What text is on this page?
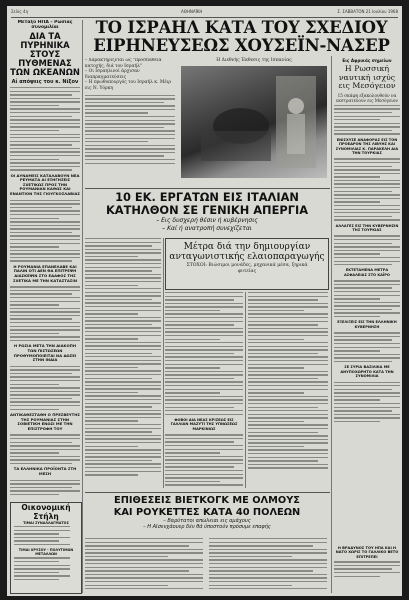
Σελίς 4η	ΑΘΗΝΑΪΚΗ	Σ. ΣΑΒΒΑΤΟΝ 21 Ιουλίου 1968
Μεταξύ ΗΠΑ – Ρωσίας συνομιλίαι
ΔΙΑ ΤΑ ΠΥΡΗΝΙΚΑ ΣΤΟΥΣ ΠΥΘΜΕΝΑΣ ΤΩΝ ΩΚΕΑΝΩΝ
Αί απόψεις του κ. Νίξον
ΟΙ ΔΥΝΑΜΕΙΣ ΚΑΤΑΛΑΒΟΥΝ ΝΕΑ ΡΕΥΜΑΤΑ ΑΙ ΕΞΗΓΗΣΕΙΣ ΣΧΕΤΙΚΩΣ ΠΡΟΣ ΤΗΝ ΡΟΥΜΑΝΙΑΝ ΚΑΘΩΣ ΚΑΙ ΕΝΑΝΤΙΟΝ ΤΗΣ ΓΙΟΥΓΚΟΣΛΑΒΙΑΣ
Η ΡΟΥΜΑΝΙΑ ΕΠΑΝΕΛΑΒΕ ΚΑΙ ΠΑΛΙΝ ΟΤΙ ΔΕΝ ΘΑ ΕΠΙΤΡΕΨΗ ΔΙΑΣΚΕΨΙΝ ΣΤΟ ΕΔΑΦΟΣ ΤΗΣ ΣΧΕΤΙΚΑ ΜΕ ΤΗΝ ΚΑΤΑΣΤΑΣΙΝ
Η ΡΩΣΙΑ ΜΕΤΑ ΤΗΝ ΔΙΑΚΟΠΗ ΤΩΝ ΠΙΣΤΩΣΕΩΝ ΠΡΟΘΥΜΟΠΟΙΕΙΤΑΙ ΝΑ ΔΩΣΕΙ ΣΤΗΝ ΙΝΔΙΑ
ΑΝΤΙΚΑΘΕΣΤΑΘΗ Ο ΠΡΕΣΒΕΥΤΗΣ ΤΗΣ ΡΟΥΜΑΝΙΑΣ ΣΤΗΝ ΣΟΒΙΕΤΙΚΗ ΕΝΩΣΙ ΜΕ ΤΗΝ ΕΠΙΣΤΡΟΦΗ ΤΟΥ
ΤΑ ΕΛΛΗΝΙΚΑ ΠΡΟΪΟΝΤΑ ΣΤΗ ΜΕΣΗ
Οικονομική Στήλη
ΤΙΜΑΙ ΣΥΝΑΛΛΑΓΜΑΤΟΣ
ΤΙΜΑΙ ΧΡΥΣΟΥ - ΠΟΛΥΤΙΜΩΝ ΜΕΤΑΛΛΩΝ
ΤΟ ΙΣΡΑΗΛ ΚΑΤΑ ΤΟΥ ΣΧΕΔΙΟΥ
ΕΙΡΗΝΕΥΣΕΩΣ ΧΟΥΣΕΪΝ-ΝΑΣΕΡ
– Χαρακτηρίζεται ώς "προσπάθεια κατοχής, διά τον Ισραήλ"
– Οι Ισραηλινοί άρχισαν διαπραγματεύσεις
– Η πρωθυπουργός του Ισραήλ κ. Μέιρ εις Ν. Υόρκη
Η Διεθνής Έκθεσις της Ισπανίας	Εις Αφρικάς σημείων
Η Ρωσσική ναυτική ισχύς εις Μεσόγειον
15 σκάφη εξακολουθούν να εκστρατεύουν εις Μεσόγειον
ΕΝΙΣΧΥΣΕ ΑΝΑΦΟΡΑΣ ΕΙΣ ΤΟΝ ΠΡΟΕΔΡΟΝ ΤΗΣ ΛΙΒΥΗΣ ΚΑΙ ΣΥΝΟΜΙΛΙΑΣ Κ. ΠΑΡΑΚΕΛΗ ΔΙΑ ΤΗΝ ΤΟΥΡΚΙΑΣ
ΑΛΛΑΓΕΣ ΕΙΣ ΤΗΝ ΚΥΒΕΡΝΗΣΙΝ ΤΗΣ ΤΟΥΡΚΙΑΣ
ΕΚΤΕΤΑΜΕΝΑ ΜΕΤΡΑ ΑΣΦΑΛΕΙΑΣ ΣΤΟ ΚΑΪΡΟ
ΕΞΕΛΙΞΕΙΣ ΕΙΣ ΤΗΝ ΕΛΛΗΝΙΚΗ ΚΥΒΕΡΝΗΣΗ
ΣΕ ΣΥΡΙΑ ΒΑΣΙΛΙΚΑ ΜΕ ΑΝΥΠΟΧΩΡΗΤΟ ΚΑΤΑ ΤΗΝ ΣΥΝΟΜΙΛΙΑ
Η ΒΡΑΔΥΝΟΣ ΤΟΥ ΗΠΑ ΚΑΙ Η ΝΑΤΟ ΧΩΡΙΣ ΤΟ ΓΑΛΛΙΚΟ ΒΕΤΟ ΕΠΙΤΡΕΠΕΙ
10 ΕΚ. ΕΡΓΑΤΩΝ ΕΙΣ ΙΤΑΛΙΑΝ
ΚΑΤΗΛΘΟΝ ΣΕ ΓΕΝΙΚΗ ΑΠΕΡΓΙΑ
– Εις δυσχερή θέσιν ή κυβέρνησις
– Καί ή ανατροπή συνεχίζεται
Μέτρα διά την δημιουργίαν
ανταγωνιστικής ελαιοπαραγωγής
ΣΤΟΧΟΙ: Βιώσιμοι μονάδες, μηχανικά μέσα, ξηρικά φυτείας
ΦΟΒΟΙ ΔΙΑ ΝΕΑΣ ΚΡΙΣΕΩΣ ΕΙΣ ΓΑΛΛΙΑΝ ΜΑΖΥΤΙ ΤΗΣ ΥΠΝΩΣΕΩΣ ΜΑΡΚΙΝΙΩΣ
ΕΠΙΘΕΣΕΙΣ ΒΙΕΤΚΟΓΚ ΜΕ ΟΛΜΟΥΣ
ΚΑΙ ΡΟΥΚΕΤΤΕΣ ΚΑΤΑ 40 ΠΟΛΕΩΝ
– Βαρύτατοι απώλειαι εις αμάχους
– Η Αϊσενχάουερ δέν θά ύποστούν πρόσυμε επαφής
